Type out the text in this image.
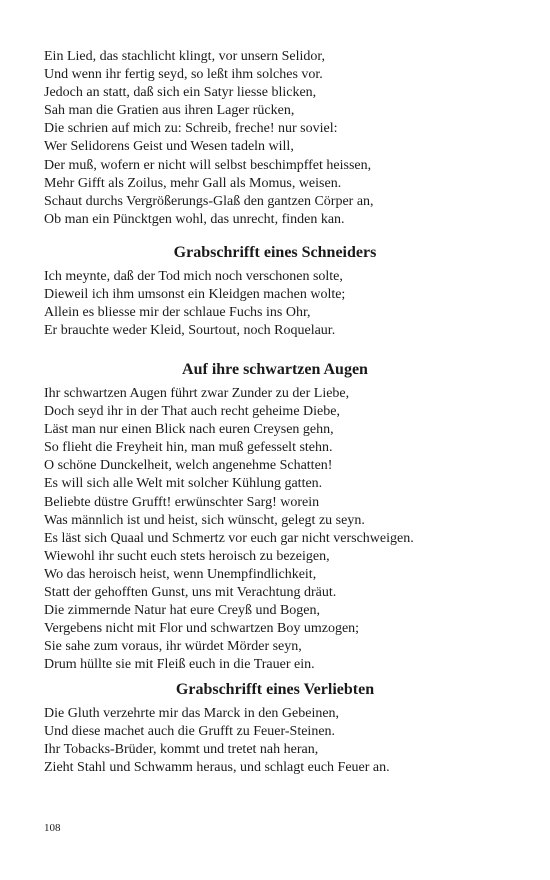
Ein Lied, das stachlicht klingt, vor unsern Selidor,
Und wenn ihr fertig seyd, so leßt ihm solches vor.
Jedoch an statt, daß sich ein Satyr liesse blicken,
Sah man die Gratien aus ihren Lager rücken,
Die schrien auf mich zu: Schreib, freche! nur soviel:
Wer Selidorens Geist und Wesen tadeln will,
Der muß, wofern er nicht will selbst beschimpffet heissen,
Mehr Gifft als Zoilus, mehr Gall als Momus, weisen.
Schaut durchs Vergrößerungs-Glaß den gantzen Cörper an,
Ob man ein Püncktgen wohl, das unrecht, finden kan.
Grabschrifft eines Schneiders
Ich meynte, daß der Tod mich noch verschonen solte,
Dieweil ich ihm umsonst ein Kleidgen machen wolte;
Allein es bliesse mir der schlaue Fuchs ins Ohr,
Er brauchte weder Kleid, Sourtout, noch Roquelaur.
Auf ihre schwartzen Augen
Ihr schwartzen Augen führt zwar Zunder zu der Liebe,
Doch seyd ihr in der That auch recht geheime Diebe,
Läst man nur einen Blick nach euren Creysen gehn,
So flieht die Freyheit hin, man muß gefesselt stehn.
O schöne Dunckelheit, welch angenehme Schatten!
Es will sich alle Welt mit solcher Kühlung gatten.
Beliebte düstre Grufft! erwünschter Sarg! worein
Was männlich ist und heist, sich wünscht, gelegt zu seyn.
Es läst sich Quaal und Schmertz vor euch gar nicht verschweigen.
Wiewohl ihr sucht euch stets heroisch zu bezeigen,
Wo das heroisch heist, wenn Unempfindlichkeit,
Statt der gehofften Gunst, uns mit Verachtung dräut.
Die zimmernde Natur hat eure Creyß und Bogen,
Vergebens nicht mit Flor und schwartzen Boy umzogen;
Sie sahe zum voraus, ihr würdet Mörder seyn,
Drum hüllte sie mit Fleiß euch in die Trauer ein.
Grabschrifft eines Verliebten
Die Gluth verzehrte mir das Marck in den Gebeinen,
Und diese machet auch die Grufft zu Feuer-Steinen.
Ihr Tobacks-Brüder, kommt und tretet nah heran,
Zieht Stahl und Schwamm heraus, und schlagt euch Feuer an.
108
